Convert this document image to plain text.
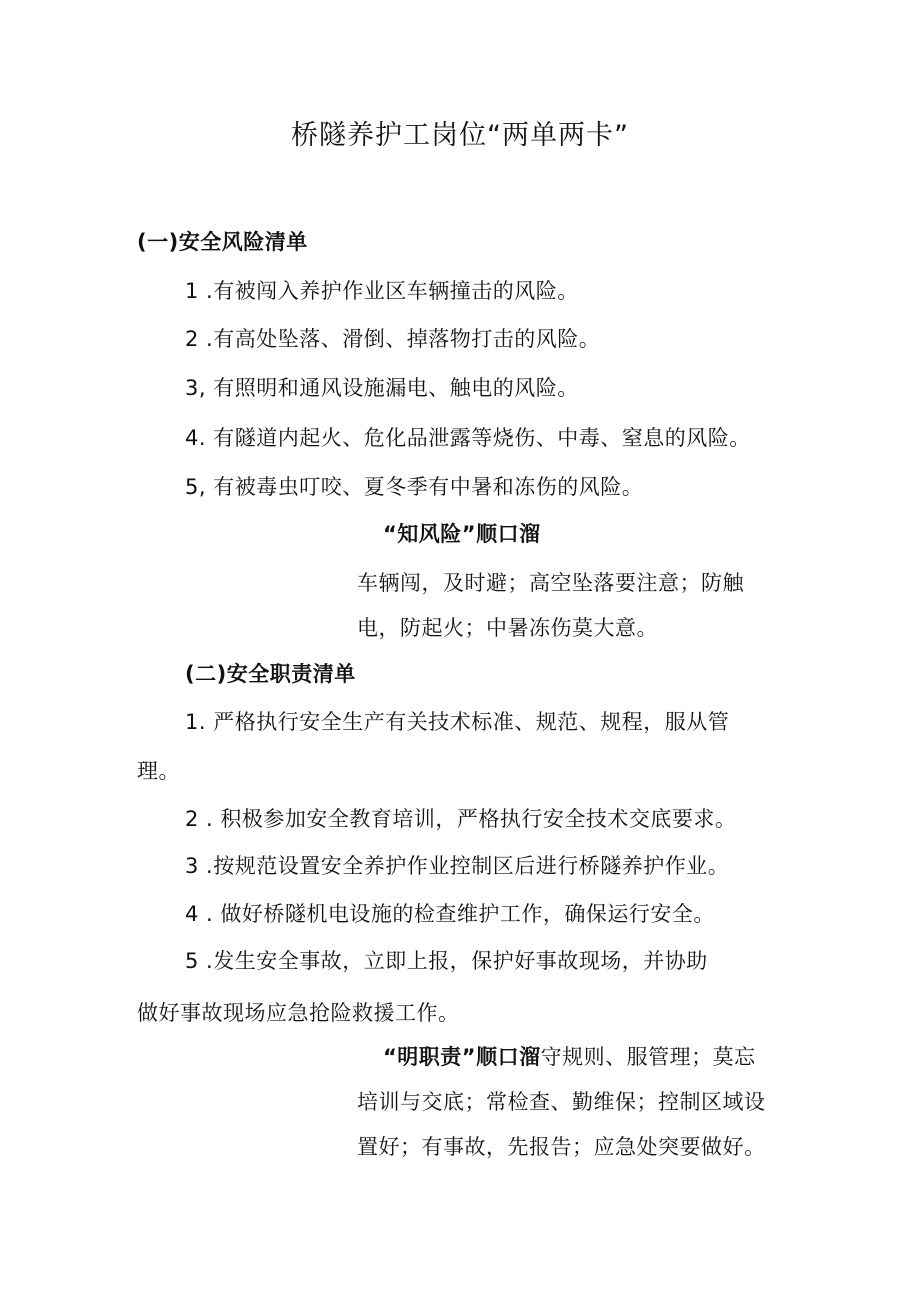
桥隧养护工岗位“两单两卡”
(一)安全风险清单
1 .有被闯入养护作业区车辆撞击的风险。
2 .有高处坠落、滑倒、掉落物打击的风险。
3, 有照明和通风设施漏电、触电的风险。
4. 有隧道内起火、危化品泄露等烧伤、中毒、窒息的风险。
5, 有被毒虫叮咬、夏冬季有中暑和冻伤的风险。
“知风险”顺口溜
车辆闯，及时避；高空坠落要注意；防触
电，防起火；中暑冻伤莫大意。
(二)安全职责清单
1. 严格执行安全生产有关技术标准、规范、规程，服从管
理。
2 . 积极参加安全教育培训，严格执行安全技术交底要求。
3 .按规范设置安全养护作业控制区后进行桥隧养护作业。
4 . 做好桥隧机电设施的检查维护工作，确保运行安全。
5 .发生安全事故，立即上报，保护好事故现场，并协助
做好事故现场应急抢险救援工作。
“明职责”顺口溜守规则、服管理；莫忘
培训与交底；常检查、勤维保；控制区域设
置好；有事故，先报告；应急处突要做好。
